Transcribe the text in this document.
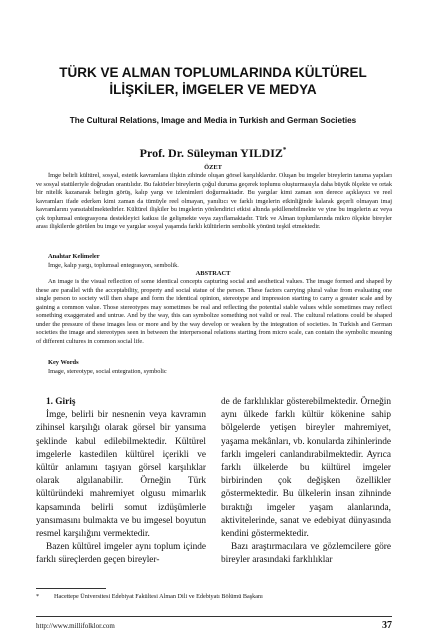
TÜRK VE ALMAN TOPLUMLARINDA KÜLTÜREL
İLİŞKİLER, İMGELER VE MEDYA
The Cultural Relations, Image and Media in Turkish and German Societies
Prof. Dr. Süleyman YILDIZ*
ÖZET

İmge belirli kültürel, sosyal, estetik kavramlara ilişkin zihinde oluşan görsel karşılıklardır. Oluşan bu imgeler bireylerin tanıma yapıları ve sosyal statüleriyle doğrudan orantılıdır. Bu faktörler bireylerin çoğul duruma geçerek toplumu oluşturmasıyla daha büyük ölçekte ve ortak bir nitelik kazanarak belirgin görüş, kalıp yargı ve izlenimleri doğurmaktadır. Bu yargılar kimi zaman son derece açıklayıcı ve reel kavramları ifade ederken kimi zaman da tümüyle reel olmayan, yanıltıcı ve farklı imgelerin etkinliğinde kalarak geçerli olmayan imaj kavramlarını yansıtabilmektedirler. Kültürel ilişkiler bu imgelerin yönlendirici etkisi altında şekillenebilmekte ve yine bu imgelerin az veya çok toplumsal entegrasyona destekleyici katkısı ile gelişmekte veya zayıflamaktadır. Türk ve Alman toplumlarında mikro ölçekte bireyler arası ilişkilerde görülen bu imge ve yargılar sosyal yaşamda farklı kültürlerin sembolik yönünü teşkil etmektedir.

Anahtar Kelimeler
İmge, kalıp yargı, toplumsal entegrasyon, sembolik.
ABSTRACT

An image is the visual reflection of some identical concepts capturing social and aesthetical values. The image formed and shaped by these are parallel with the acceptability, property and social statue of the person. These factors carrying plural value from evaluating one single person to society will then shape and form the identical opinion, stereotype and impression starting to carry a greater scale and by gaining a common value. Those stereotypes may sometimes be real and reflecting the potential stable values while sometimes may reflect something exaggerated and untrue. And by the way, this can symbolize something not valid or real. The cultural relations could be shaped under the pressure of these images less or more and by the way develop or weaken by the integration of societies. In Turkish and German societies the image and stereotypes seen in between the interpersonal relations starting from micro scale, can contain the symbolic meaning of different cultures in common social life.

Key Words
Image, stereotype, social entegration, symbolic

1. Giriş

İmge, belirli bir nesnenin veya kavramın zihinsel karşılığı olarak görsel bir yansıma şeklinde kabul edilebilmektedir. Kültürel imgelerle kastedilen kültürel içerikli ve kültür anlamını taşıyan görsel karşılıklar olarak algılanabilir. Örneğin Türk kültüründeki mahremiyet olgusu mimarlık kapsamında belirli somut izdüşümlerle yansımasını bulmakta ve bu imgesel boyutun resmel karşılığını vermektedir.

Bazen kültürel imgeler aynı toplum içinde farklı süreçlerden geçen bireyler-

de de farklılıklar gösterebilmektedir. Örneğin aynı ülkede farklı kültür kökenine sahip bölgelerde yetişen bireyler mahremiyet, yaşama mekânları, vb. konularda zihinlerinde farklı imgeleri canlandırabilmektedir. Ayrıca farklı ülkelerde bu kültürel imgeler birbirinden çok değişken özellikler göstermektedir. Bu ülkelerin insan zihninde bıraktığı imgeler yaşam alanlarında, aktivitelerinde, sanat ve edebiyat dünyasında kendini göstermektedir.

Bazı araştırmacılara ve gözlemcilere göre bireyler arasındaki farklılıklar

* Hacettepe Üniversitesi Edebiyat Fakültesi Alman Dili ve Edebiyatı Bölümü Başkanı
http://www.millifolklor.com	37
